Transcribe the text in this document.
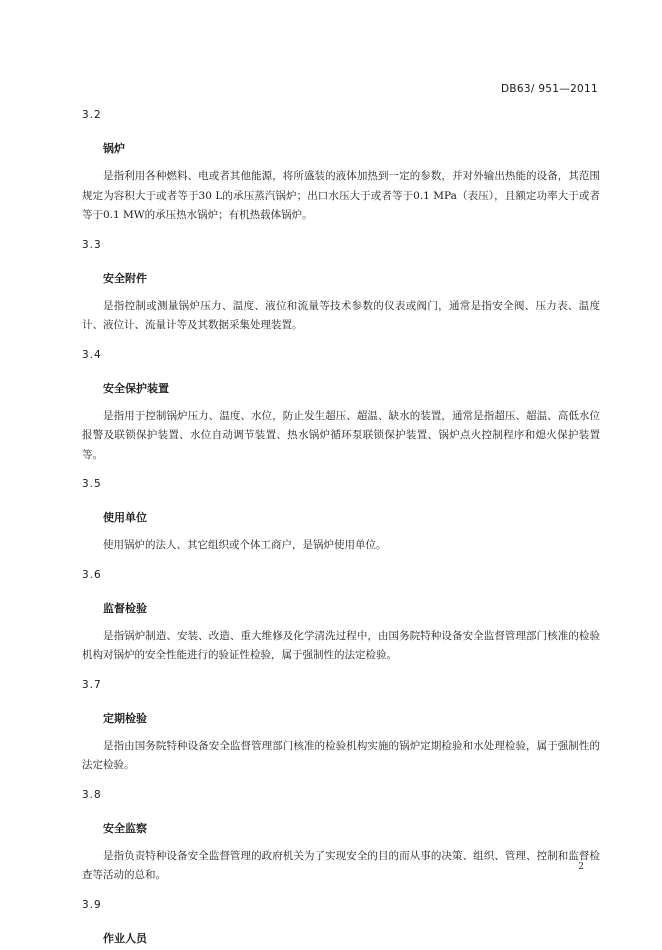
DB63/ 951—2011
3.2
锅炉
是指利用各种燃料、电或者其他能源，将所盛装的液体加热到一定的参数，并对外输出热能的设备，其范围规定为容积大于或者等于30 L的承压蒸汽锅炉；出口水压大于或者等于0.1 MPa（表压），且额定功率大于或者等于0.1 MW的承压热水锅炉；有机热载体锅炉。
3.3
安全附件
是指控制或测量锅炉压力、温度、液位和流量等技术参数的仪表或阀门，通常是指安全阀、压力表、温度计、液位计、流量计等及其数据采集处理装置。
3.4
安全保护装置
是指用于控制锅炉压力、温度、水位，防止发生超压、超温、缺水的装置，通常是指超压、超温、高低水位报警及联锁保护装置、水位自动调节装置、热水锅炉循环泵联锁保护装置、锅炉点火控制程序和熄火保护装置等。
3.5
使用单位
使用锅炉的法人、其它组织或个体工商户，是锅炉使用单位。
3.6
监督检验
是指锅炉制造、安装、改造、重大维修及化学清洗过程中，由国务院特种设备安全监督管理部门核准的检验机构对锅炉的安全性能进行的验证性检验，属于强制性的法定检验。
3.7
定期检验
是指由国务院特种设备安全监督管理部门核准的检验机构实施的锅炉定期检验和水处理检验，属于强制性的法定检验。
3.8
安全监察
是指负责特种设备安全监督管理的政府机关为了实现安全的目的而从事的决策、组织、管理、控制和监督检查等活动的总和。
3.9
作业人员
2
